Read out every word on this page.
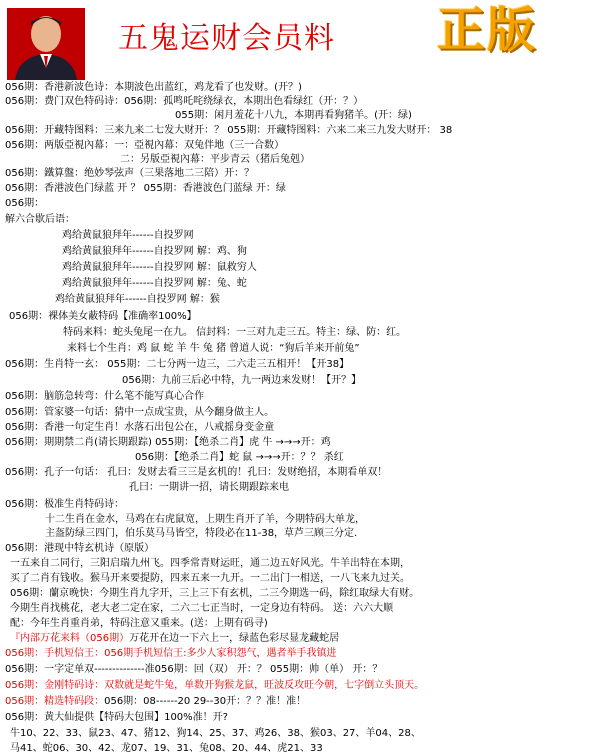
五鬼运财会员料 正版
056期：香港新波色诗：本期波色出蓝红，鸡龙看了也发财。(开？)
056期：费门双色特码诗：056期：孤鸣吒咤绕绿衣，本期出色看绿红（开：？）
055期：闲月羞花十八九，本期再看狗猪羊。(开：绿)
056期：开藏特图料：三来九来二七发大财开：？ 055期：开藏特图料：六来二来三九发大财开： 38
056期：两版亞視內幕：一：亞視內幕：双兔伴地（三一合数）
二：另版亞視內幕：平步青云（猪后兔剋）
056期：鐵算盤：绝妙琴弦声（三果落地二三陪）开：？
056期：香港波色门绿蓝 开 ？ 055期：香港波色门蓝绿 开：绿
056期：
解六合歇后语：
鸡给黄鼠狼拜年------自投罗网
鸡给黄鼠狼拜年------自投罗网 解：鸡、狗
鸡给黄鼠狼拜年------自投罗网 解：鼠救穷人
鸡给黄鼠狼拜年------自投罗网 解：兔、蛇
鸡给黄鼠狼拜年------自投罗网 解：猴
056期：裸体美女蔽特码【准确率100%】
特码来料：蛇头兔尾一在九。 信封料：一三对九走三五。特主：绿、防：红。
来料七个生肖：鸡 鼠 蛇 羊 牛 兔 猪 曾道人说：“狗后羊来开前兔”
056期：生肖特一玄： 055期：二七分两一边三，二六走三五相开！【开38】
056期：九前三后必中特，九一两边来发财！【开？】
056期：脑筋急转弯：什么笔不能写真心合作
056期：管家婆一句话：猜中一点成宝贵，从今翻身做主人。
056期：香港一句定生肖！水落石出包公在，八戒摇身变金童
056期：期期禁二肖(请长期跟踪) 055期：【绝杀二肖】虎 牛 →→→开：鸡
056期：【绝杀二肖】蛇 鼠 →→→开：？？ 杀红
056期：孔子一句话： 孔曰：发财去看三三是玄机的！孔曰：发财绝招，本期看单双！
孔曰：一期讲一招，请长期跟踪来电
056期：极准生肖特码诗：
十二生肖在金水，马鸡在右虎鼠宽，上期生肖开了羊，今期特码大单龙，
主盔防绿三四门，伯乐莫马马皆空，特段必在11-38，草芦三顾三分定.
056期：港现中特玄机诗（原版）
一五来自二同行，三阳启瑞九州飞。四季常青财运旺，通二边五好风光。牛羊出特在本期，
买了二肖有钱收。猴马开来要提防，四来五来一九开。一二出门一相送，一八飞来九过关。
056期：蘭京晚快：今期生肖九字开，三上三下有玄机，二三今期选一码，除红取绿大有财。
今期生肖找桃花，老大老二定在家，二六二七正当时，一定身边有特码。 送：六六大顺
配：今年生肖重肖弟，特码注意又重来。(送：上期有码寻)
『内部万花来料（056期）万花开在边一下六上一，绿蓝色彩尽显龙藏蛇居
056期：手机短信王：056期手机短信王:多少人家积怨气，遇者举手我镇进
056期：一字定单双--------------准056期：回（双） 开：？ 055期：帅（单） 开：？
056期：金刚特码诗：双数就是蛇牛兔，单数开狗猴龙鼠，旺波反攻旺今朝，七字倒立头顶天。
056期：精选特码段：056期：08------20 29--30开：？？准！准！
056期：黄大仙提供【特码大包围】100%准！开?
牛10、22、33、鼠23、47、猪12、狗14、25、37、鸡26、38、猴03、27、羊04、28、
马41、蛇06、30、42、龙07、19、31、兔08、20、44、虎21、33
